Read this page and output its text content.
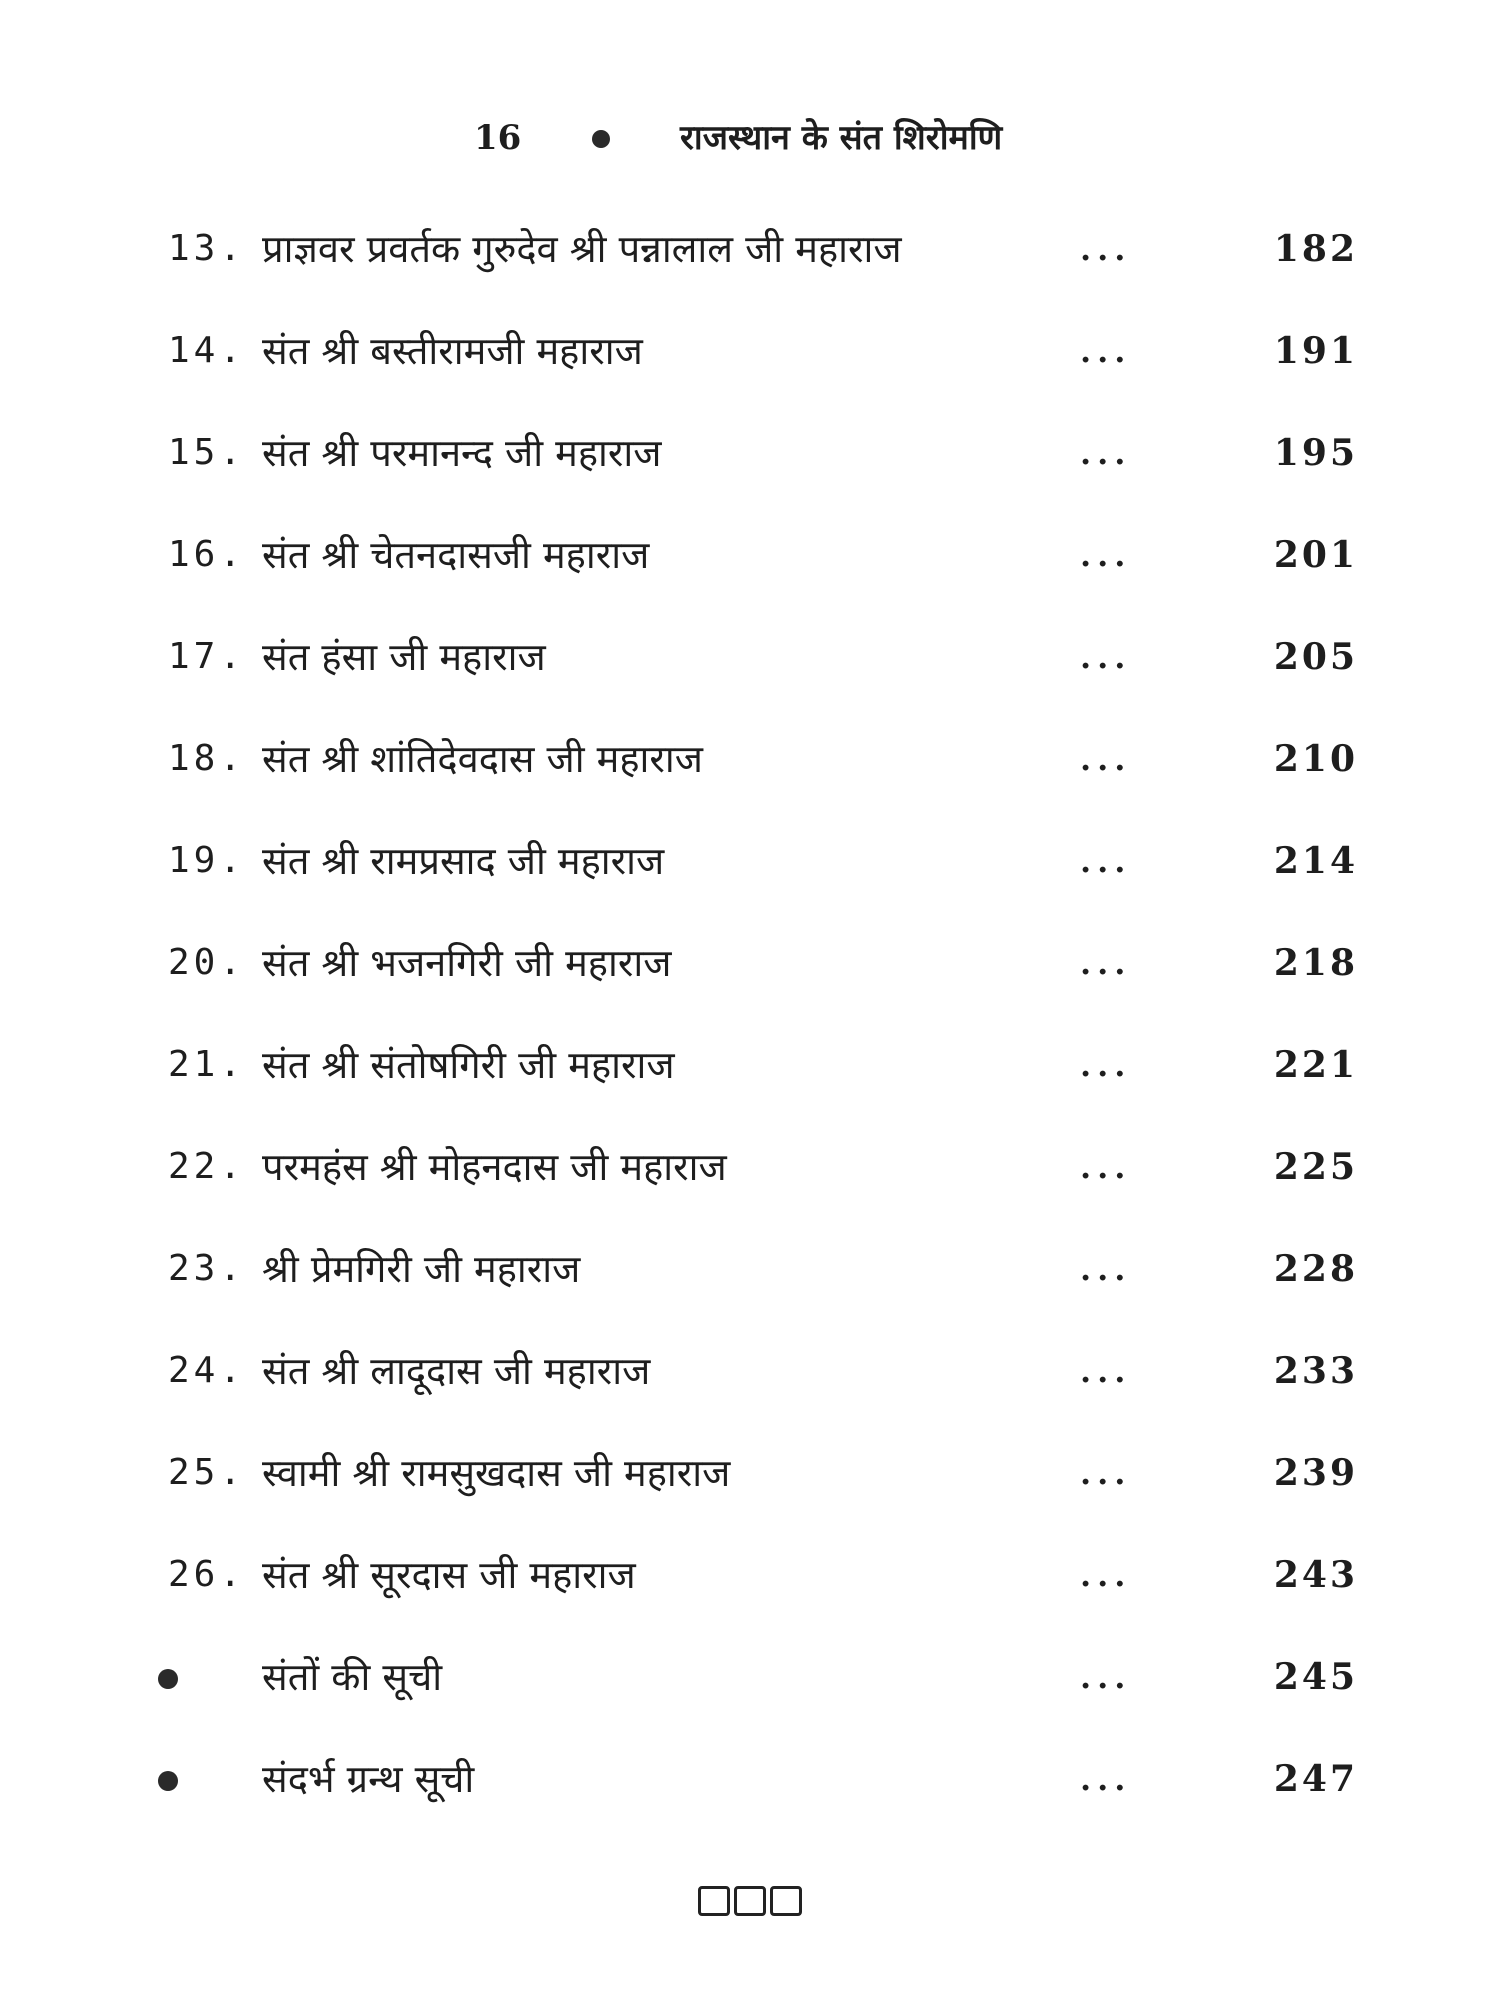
16	राजस्थान के संत शिरोमणि
13. प्राज्ञवर प्रवर्तक गुरुदेव श्री पन्नालाल जी महाराज	...	182
14. संत श्री बस्तीरामजी महाराज	...	191
15. संत श्री परमानन्द जी महाराज	...	195
16. संत श्री चेतनदासजी महाराज	...	201
17. संत हंसा जी महाराज	...	205
18. संत श्री शांतिदेवदास जी महाराज	...	210
19. संत श्री रामप्रसाद जी महाराज	...	214
20. संत श्री भजनगिरी जी महाराज	...	218
21. संत श्री संतोषगिरी जी महाराज	...	221
22. परमहंस श्री मोहनदास जी महाराज	...	225
23. श्री प्रेमगिरी जी महाराज	...	228
24. संत श्री लादूदास जी महाराज	...	233
25. स्वामी श्री रामसुखदास जी महाराज	...	239
26. संत श्री सूरदास जी महाराज	...	243
संतों की सूची	...	245
संदर्भ ग्रन्थ सूची	...	247
